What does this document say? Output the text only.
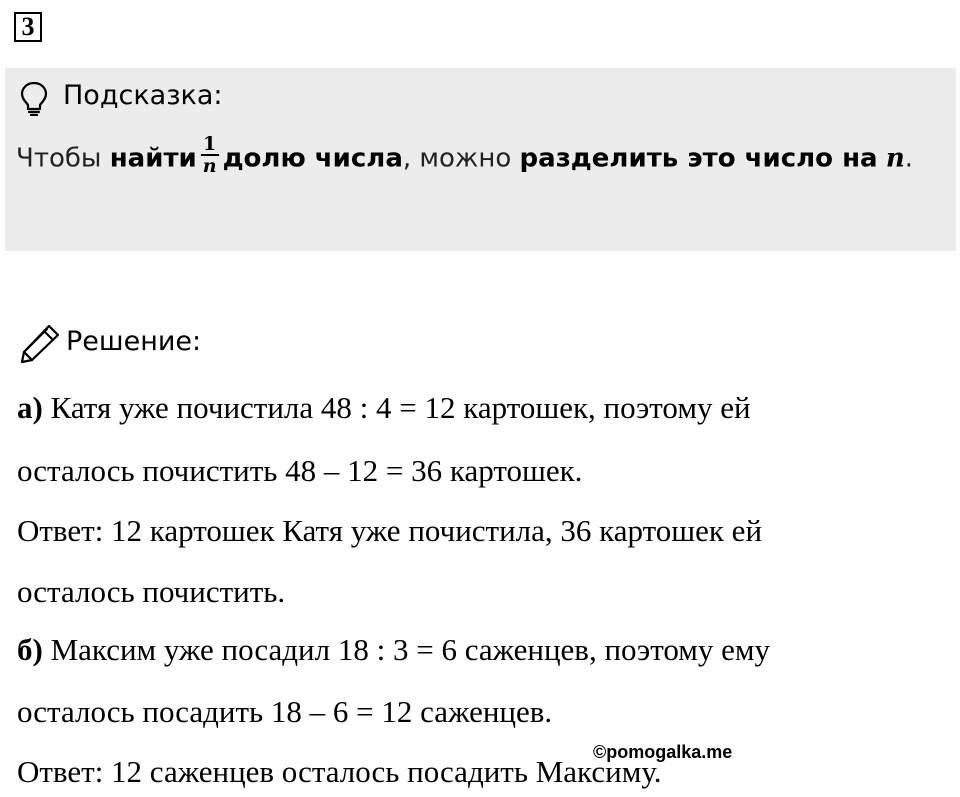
3
Подсказка:
Чтобы найти $\frac{1}{n}$ долю числа, можно разделить это число на n.
Решение:
а) Катя уже почистила 48 : 4 = 12 картошек, поэтому ей
осталось почистить 48 – 12 = 36 картошек.
Ответ: 12 картошек Катя уже почистила, 36 картошек ей
осталось почистить.
б) Максим уже посадил 18 : 3 = 6 саженцев, поэтому ему
осталось посадить 18 – 6 = 12 саженцев.
Ответ: 12 саженцев осталось посадить Максиму.
©pomogalka.me
